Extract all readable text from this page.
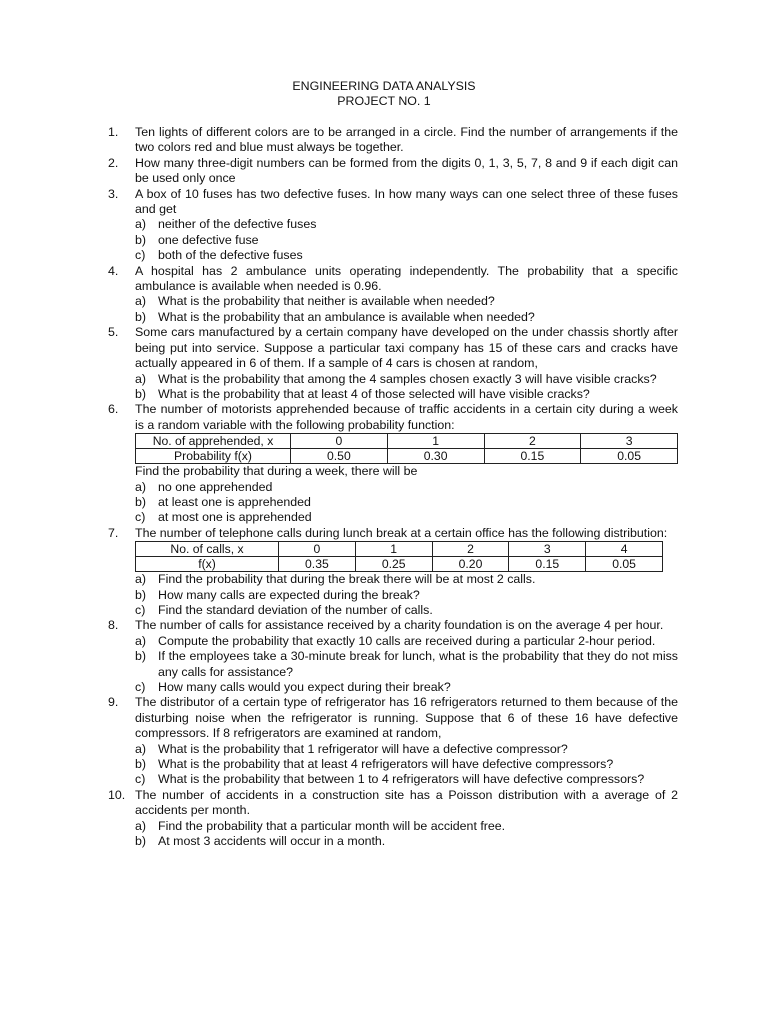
ENGINEERING DATA ANALYSIS
PROJECT NO. 1
1.	Ten lights of different colors are to be arranged in a circle. Find the number of arrangements if the two colors red and blue must always be together.
2.	How many three-digit numbers can be formed from the digits 0, 1, 3, 5, 7, 8 and 9 if each digit can be used only once
3.	A box of 10 fuses has two defective fuses. In how many ways can one select three of these fuses and get
a) neither of the defective fuses
b) one defective fuse
c)	both of the defective fuses
4.	A hospital has 2 ambulance units operating independently. The probability that a specific ambulance is available when needed is 0.96.
a) What is the probability that neither is available when needed?
b) What is the probability that an ambulance is available when needed?
5.	Some cars manufactured by a certain company have developed on the under chassis shortly after being put into service. Suppose a particular taxi company has 15 of these cars and cracks have actually appeared in 6 of them. If a sample of 4 cars is chosen at random,
a) What is the probability that among the 4 samples chosen exactly 3 will have visible cracks?
b) What is the probability that at least 4 of those selected will have visible cracks?
6.	The number of motorists apprehended because of traffic accidents in a certain city during a week is a random variable with the following probability function:
No. of apprehended, x	0	1	2	3
Probability f(x)	0.50	0.30	0.15	0.05
Find the probability that during a week, there will be
a) no one apprehended
b) at least one is apprehended
c)	at most one is apprehended
7.	The number of telephone calls during lunch break at a certain office has the following distribution:
No. of calls, x	0	1	2	3	4
f(x)	0.35	0.25	0.20	0.15	0.05
a) Find the probability that during the break there will be at most 2 calls.
b) How many calls are expected during the break?
c)	Find the standard deviation of the number of calls.
8.	The number of calls for assistance received by a charity foundation is on the average 4 per hour.
a) Compute the probability that exactly 10 calls are received during a particular 2-hour period.
b) If the employees take a 30-minute break for lunch, what is the probability that they do not miss any calls for assistance?
c)	How many calls would you expect during their break?
9.	The distributor of a certain type of refrigerator has 16 refrigerators returned to them because of the disturbing noise when the refrigerator is running. Suppose that 6 of these 16 have defective compressors. If 8 refrigerators are examined at random,
a) What is the probability that 1 refrigerator will have a defective compressor?
b) What is the probability that at least 4 refrigerators will have defective compressors?
c)	What is the probability that between 1 to 4 refrigerators will have defective compressors?
10. The number of accidents in a construction site has a Poisson distribution with a average of 2 accidents per month.
a) Find the probability that a particular month will be accident free.
b) At most 3 accidents will occur in a month.
